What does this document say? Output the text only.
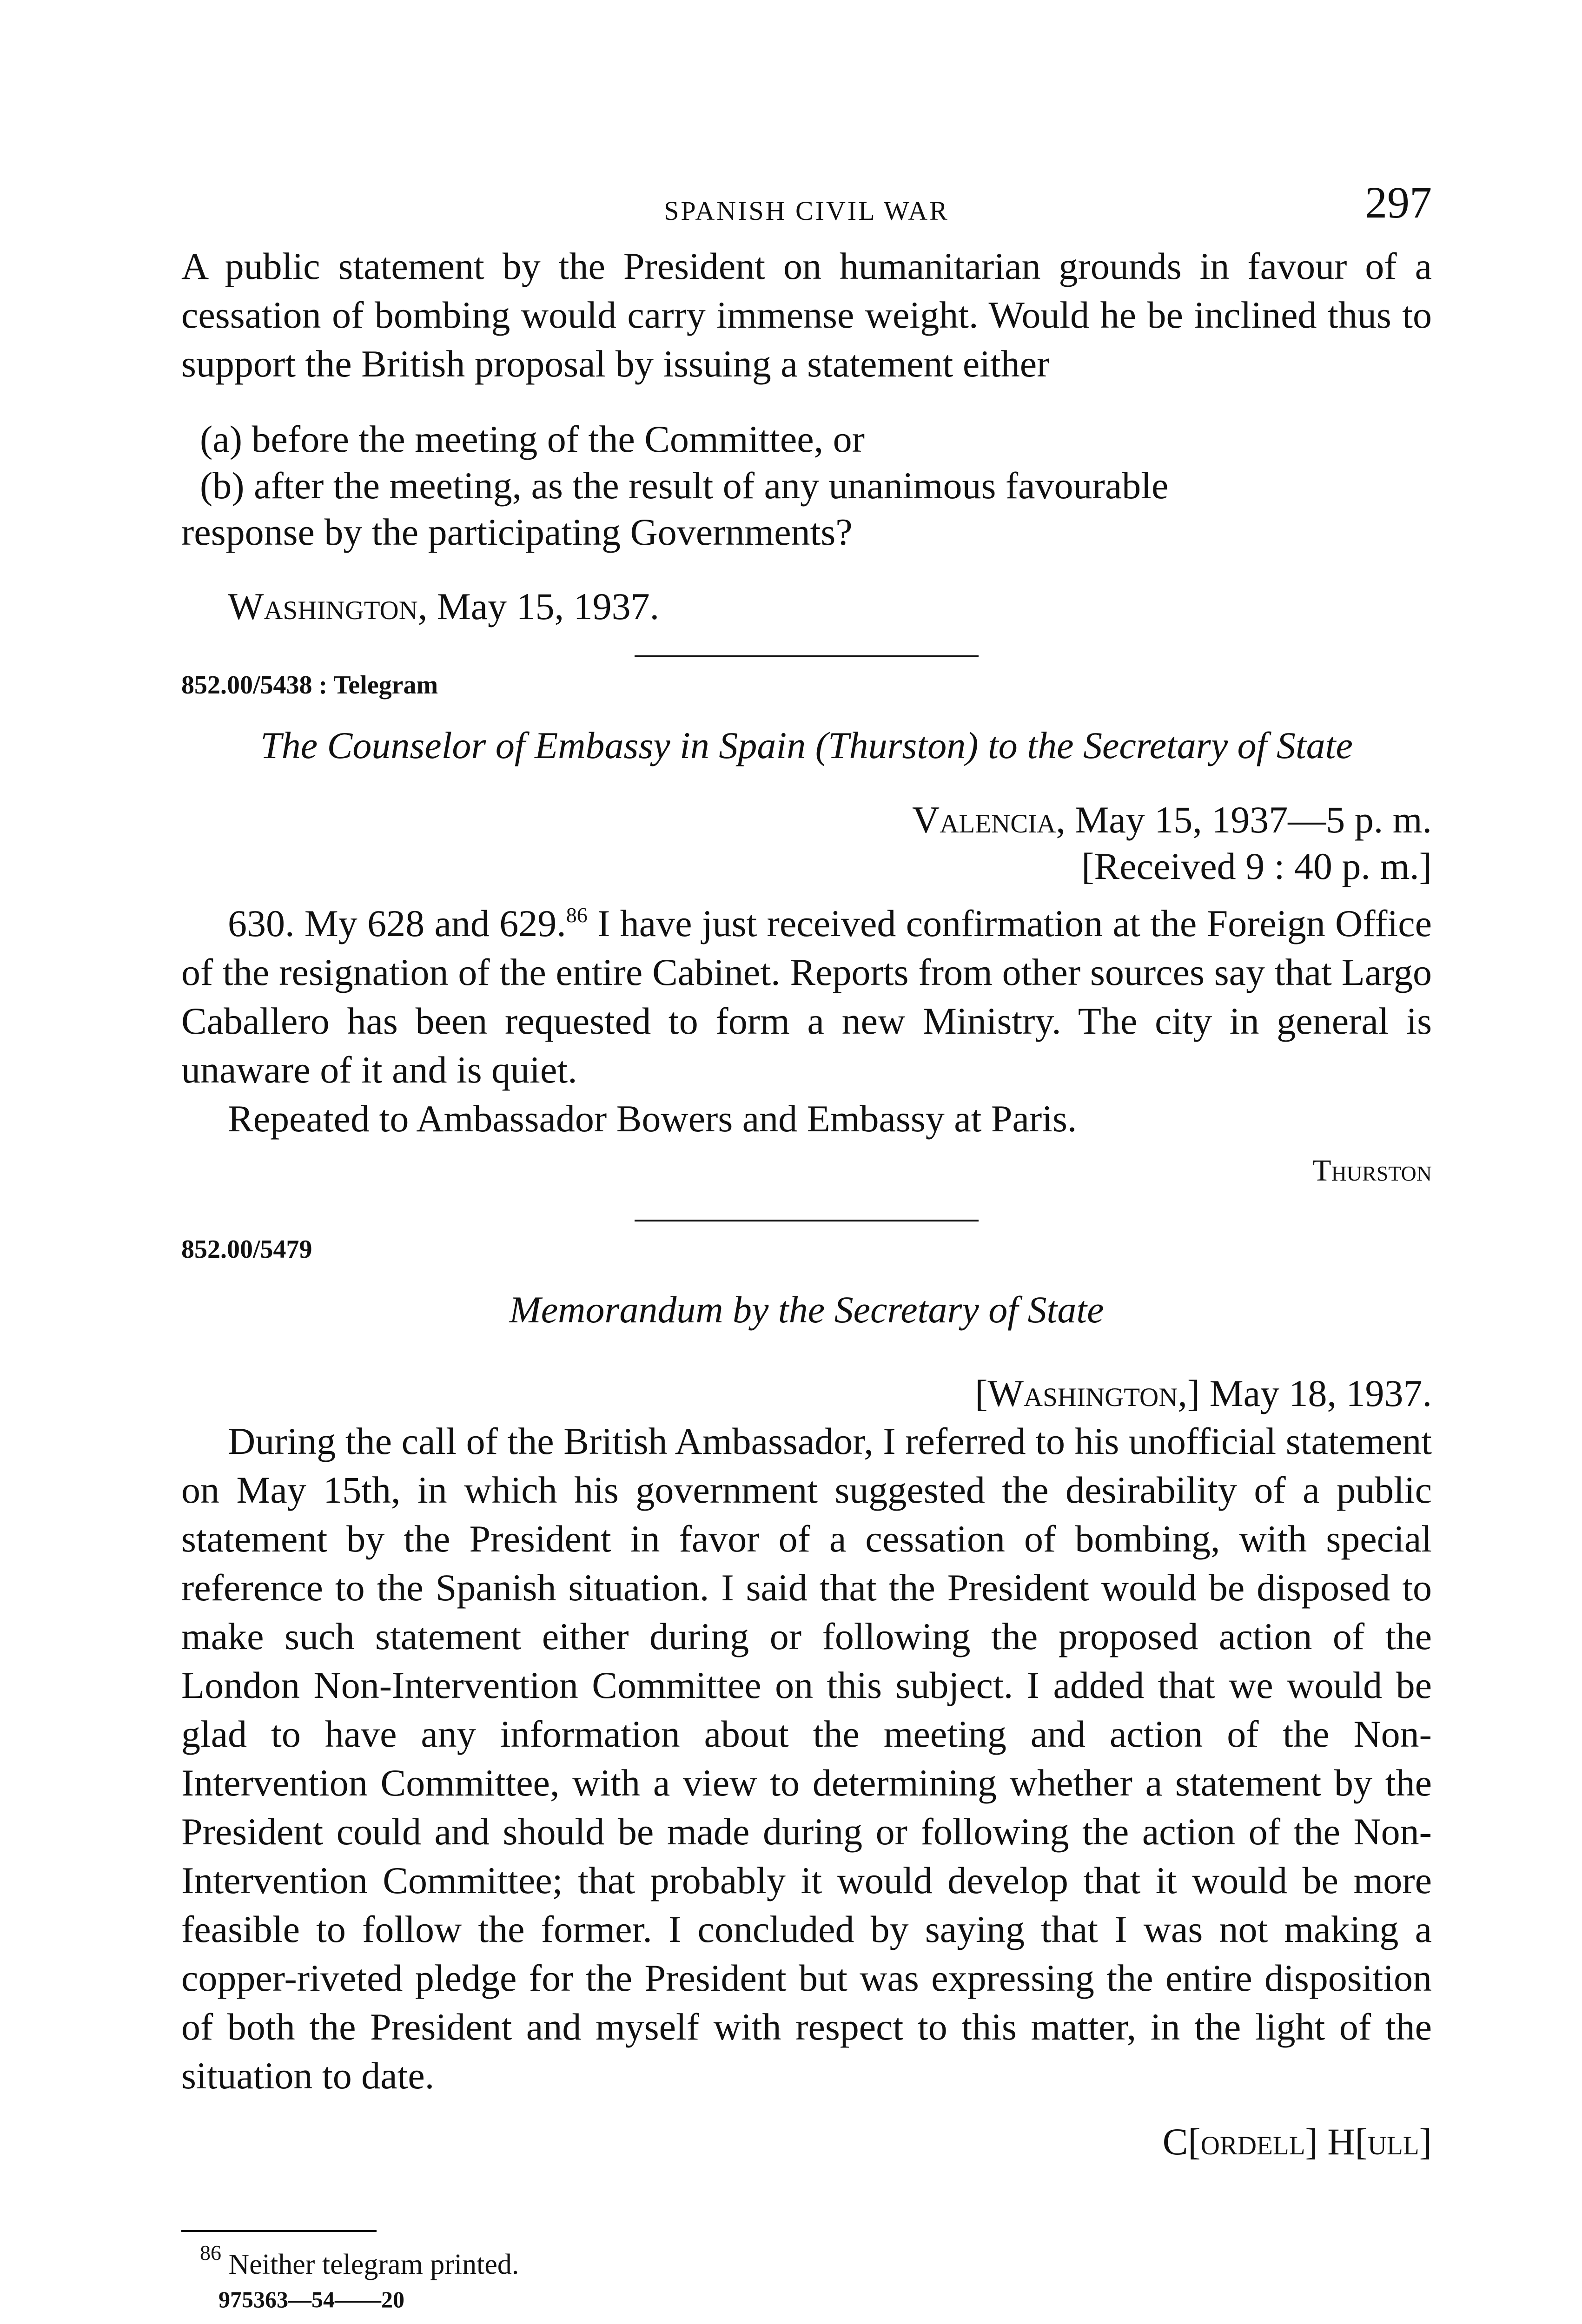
SPANISH CIVIL WAR	297

A public statement by the President on humanitarian grounds in favour of a cessation of bombing would carry immense weight. Would he be inclined thus to support the British proposal by issuing a statement either

(a) before the meeting of the Committee, or
(b) after the meeting, as the result of any unanimous favourable
response by the participating Governments?
Washington, May 15, 1937.
852.00/5438 : Telegram
The Counselor of Embassy in Spain (Thurston) to the Secretary of State
Valencia, May 15, 1937—5 p. m.
[Received 9 : 40 p. m.]

630. My 628 and 629.86 I have just received confirmation at the Foreign Office of the resignation of the entire Cabinet. Reports from other sources say that Largo Caballero has been requested to form a new Ministry. The city in general is unaware of it and is quiet.

Repeated to Ambassador Bowers and Embassy at Paris.

Thurston
852.00/5479
Memorandum by the Secretary of State
[Washington,] May 18, 1937.

During the call of the British Ambassador, I referred to his unofficial statement on May 15th, in which his government suggested the desirability of a public statement by the President in favor of a cessation of bombing, with special reference to the Spanish situation. I said that the President would be disposed to make such statement either during or following the proposed action of the London Non-Intervention Committee on this subject. I added that we would be glad to have any information about the meeting and action of the Non-Intervention Committee, with a view to determining whether a statement by the President could and should be made during or following the action of the Non-Intervention Committee; that probably it would develop that it would be more feasible to follow the former. I concluded by saying that I was not making a copper-riveted pledge for the President but was expressing the entire disposition of both the President and myself with respect to this matter, in the light of the situation to date.

C[ordell] H[ull]
$^{86}$ Neither telegram printed.
975363—54——20
